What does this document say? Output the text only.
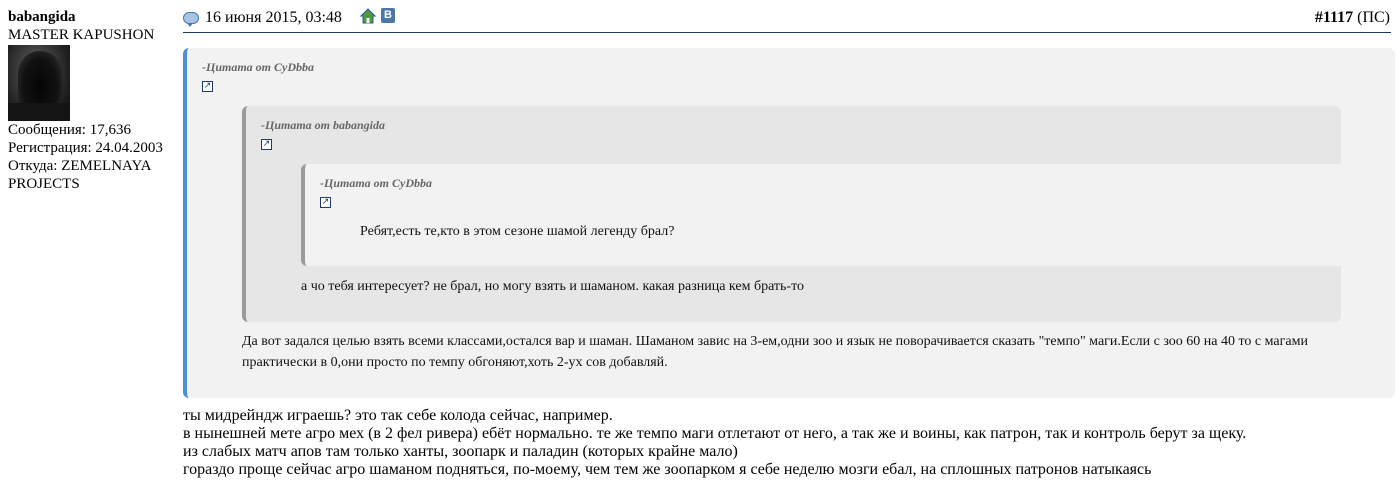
babangida
MASTER KAPUSHON
Сообщения: 17,636
Регистрация: 24.04.2003
Откуда: ZEMELNAYA
PROJECTS
16 июня 2015, 03:48	В	#1117 (ПС)
-Цитата от CyDbba
↗
Да вот задался целью взять всеми классами,остался вар и шаман. Шаманом завис на 3-ем,одни зоо и язык не поворачивается сказать "темпо" маги.Если с зоо 60 на 40 то с магами практически в 0,они просто по темпу обгоняют,хоть 2-ух сов добавляй.
-Цитата от babangida
↗
а чо тебя интересует? не брал, но могу взять и шаманом. какая разница кем брать-то
-Цитата от CyDbba
↗
Ребят,есть те,кто в этом сезоне шамой легенду брал?
ты мидрейндж играешь? это так себе колода сейчас, например.
в нынешней мете агро мех (в 2 фел ривера) ебёт нормально. те же темпо маги отлетают от него, а так же и воины, как патрон, так и контроль берут за щеку.
из слабых матч апов там только ханты, зоопарк и паладин (которых крайне мало)
гораздо проще сейчас агро шаманом подняться, по-моему, чем тем же зоопарком я себе неделю мозги ебал, на сплошных патронов натыкаясь
